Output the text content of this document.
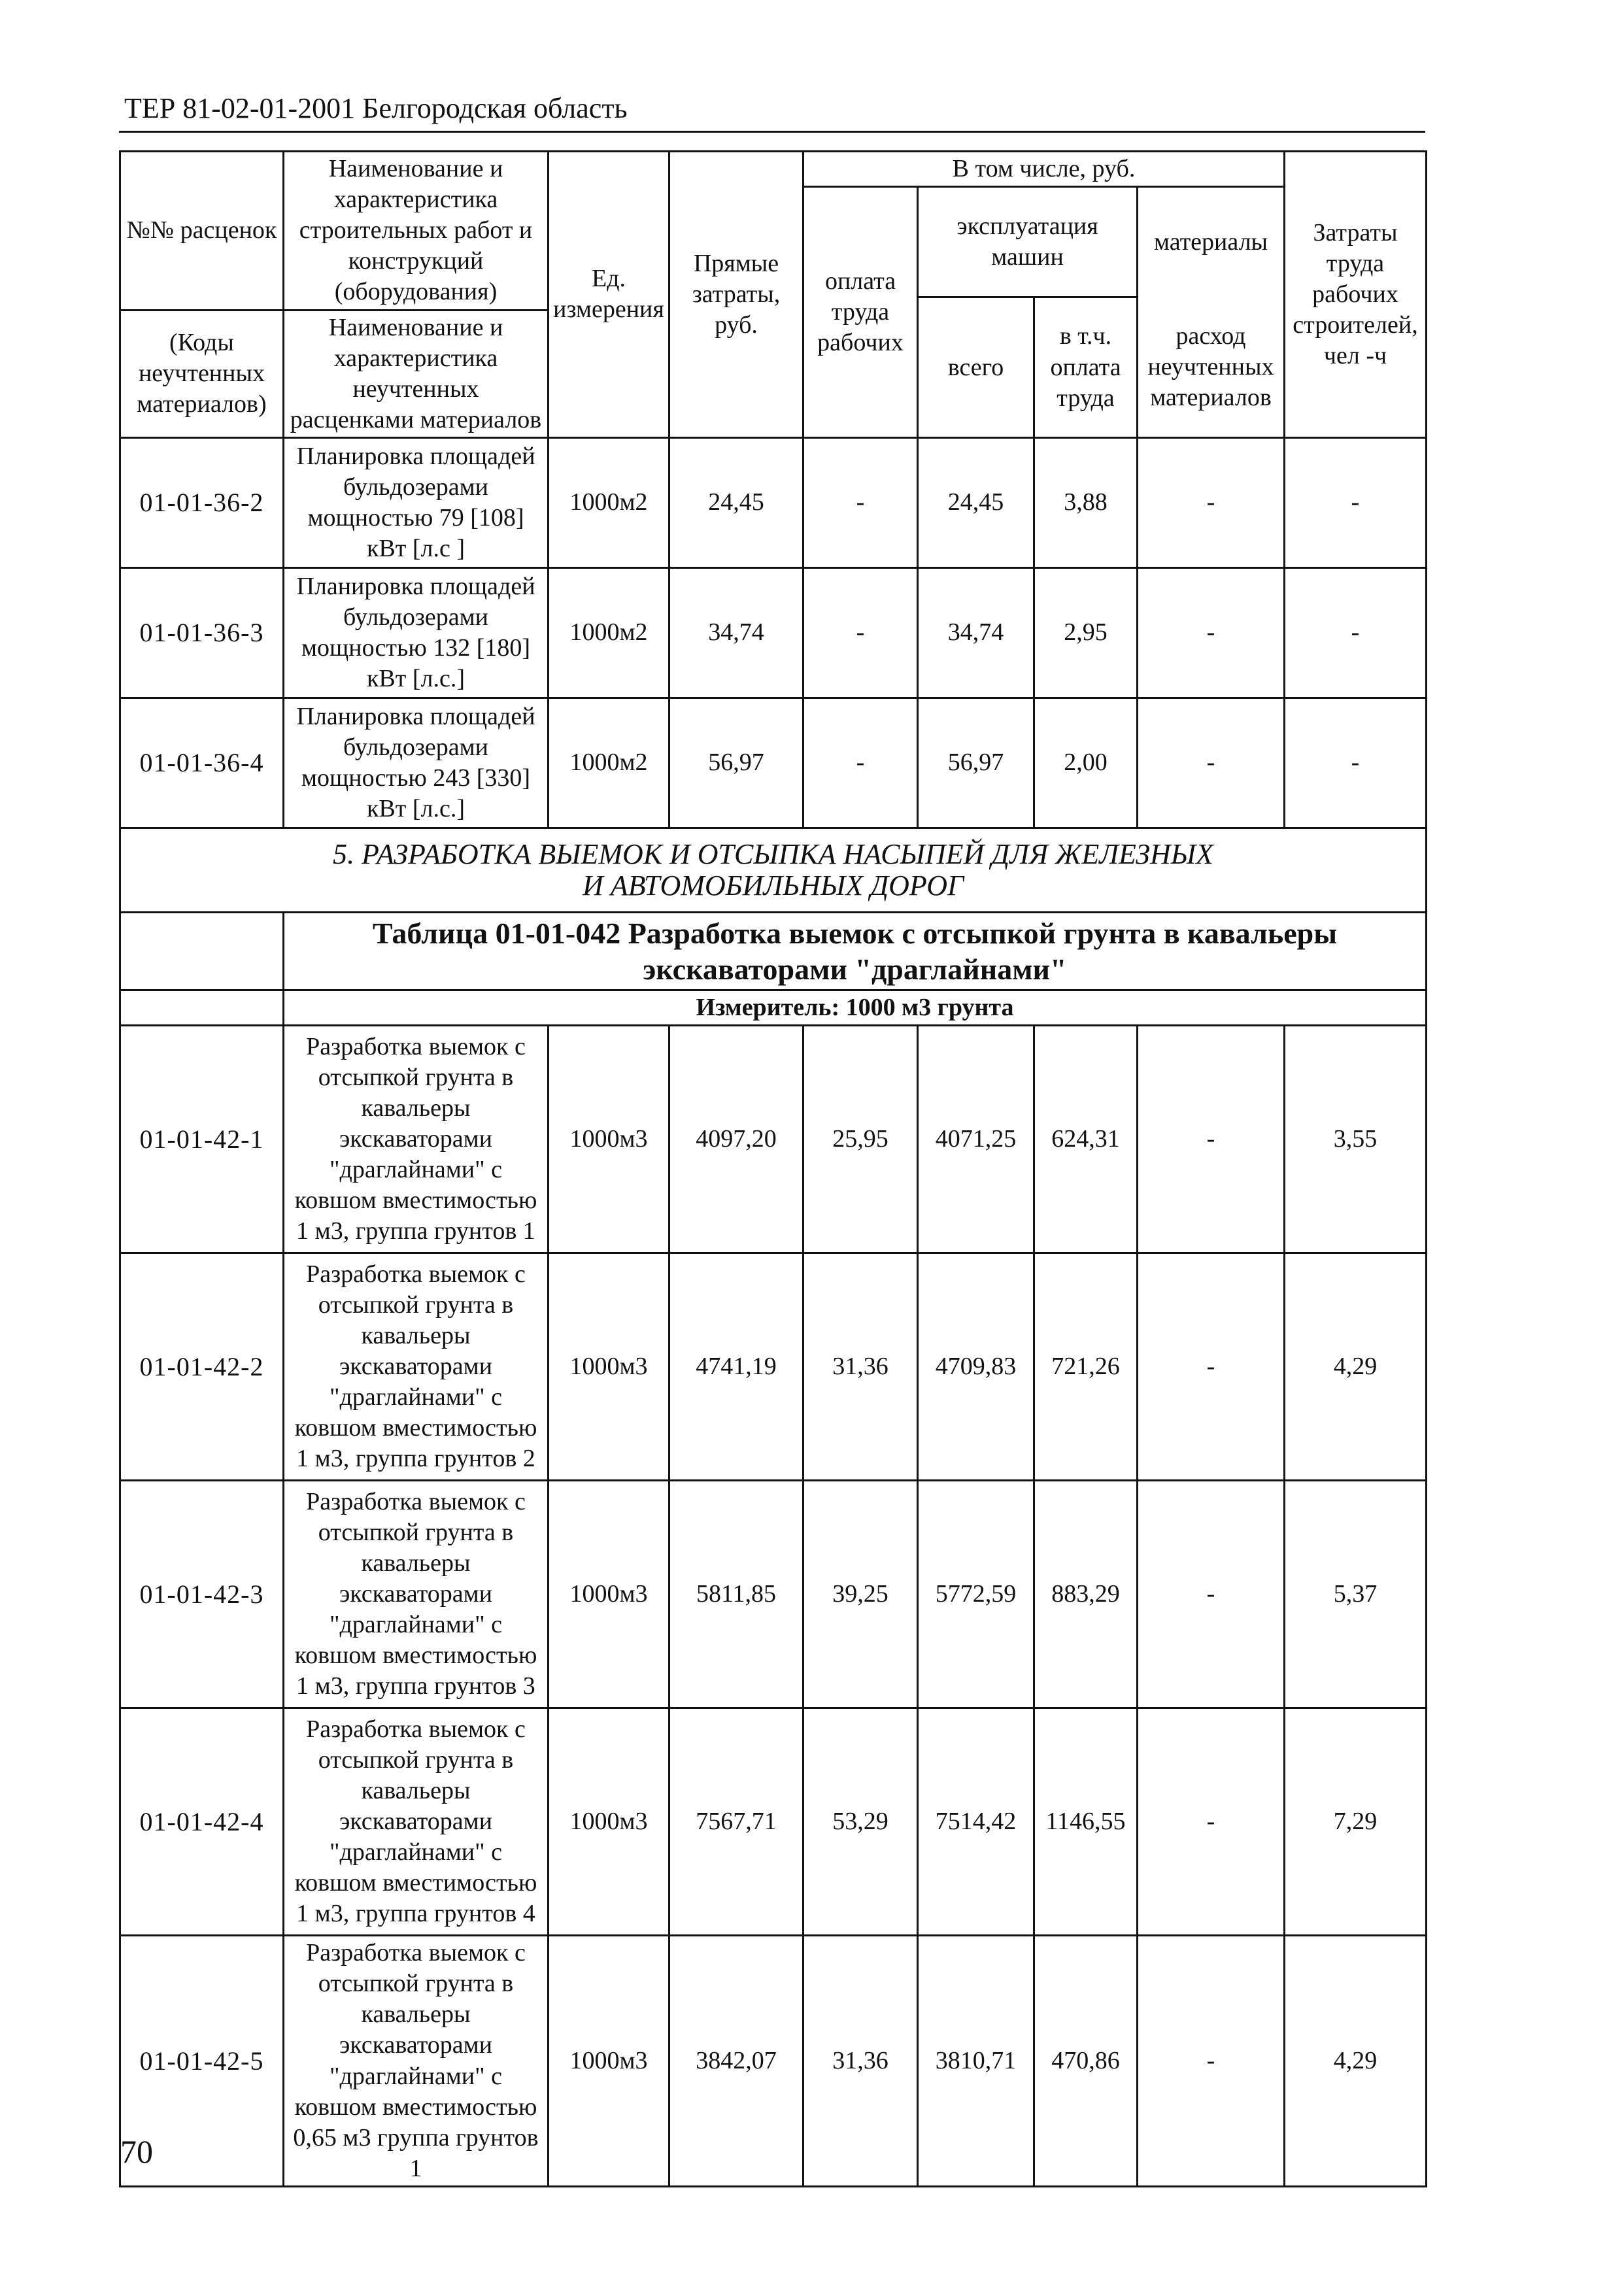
ТЕР 81-02-01-2001 Белгородская область
№№ расценок	Наименование и характеристика строительных работ и конструкций (оборудования)	Ед. измерения	Прямые затраты, руб.	В том числе, руб.				Затраты труда рабочих строителей, чел -ч
				оплата труда рабочих	эксплуатация машин		материалы	
					всего	в т.ч. оплата труда	расход неучтенных материалов	
(Коды неучтенных материалов)	Наименование и характеристика неучтенных расценками материалов							

01-01-36-2	Планировка площадей бульдозерами мощностью 79 [108] кВт [л.с ]	1000м2	24,45	-	24,45	3,88	-	-
01-01-36-3	Планировка площадей бульдозерами мощностью 132 [180] кВт [л.с.]	1000м2	34,74	-	34,74	2,95	-	-
01-01-36-4	Планировка площадей бульдозерами мощностью 243 [330] кВт [л.с.]	1000м2	56,97	-	56,97	2,00	-	-

5. РАЗРАБОТКА ВЫЕМОК И ОТСЫПКА НАСЫПЕЙ ДЛЯ ЖЕЛЕЗНЫХ
И АВТОМОБИЛЬНЫХ ДОРОГ								

	Таблица 01-01-042 Разработка выемок с отсыпкой грунта в кавальеры экскаваторами "драглайнами"							
	Измеритель: 1000 м3 грунта							
01-01-42-1	Разработка выемок с отсыпкой грунта в кавальеры экскаваторами "драглайнами" с ковшом вместимостью 1 м3, группа грунтов 1	1000м3	4097,20	25,95	4071,25	624,31	-	3,55
01-01-42-2	Разработка выемок с отсыпкой грунта в кавальеры экскаваторами "драглайнами" с ковшом вместимостью 1 м3, группа грунтов 2	1000м3	4741,19	31,36	4709,83	721,26	-	4,29
01-01-42-3	Разработка выемок с отсыпкой грунта в кавальеры экскаваторами "драглайнами" с ковшом вместимостью 1 м3, группа грунтов 3	1000м3	5811,85	39,25	5772,59	883,29	-	5,37
01-01-42-4	Разработка выемок с отсыпкой грунта в кавальеры экскаваторами "драглайнами" с ковшом вместимостью 1 м3, группа грунтов 4	1000м3	7567,71	53,29	7514,42	1146,55	-	7,29
01-01-42-5	Разработка выемок с отсыпкой грунта в кавальеры экскаваторами "драглайнами" с ковшом вместимостью 0,65 м3 группа грунтов 1	1000м3	3842,07	31,36	3810,71	470,86	-	4,29
70
